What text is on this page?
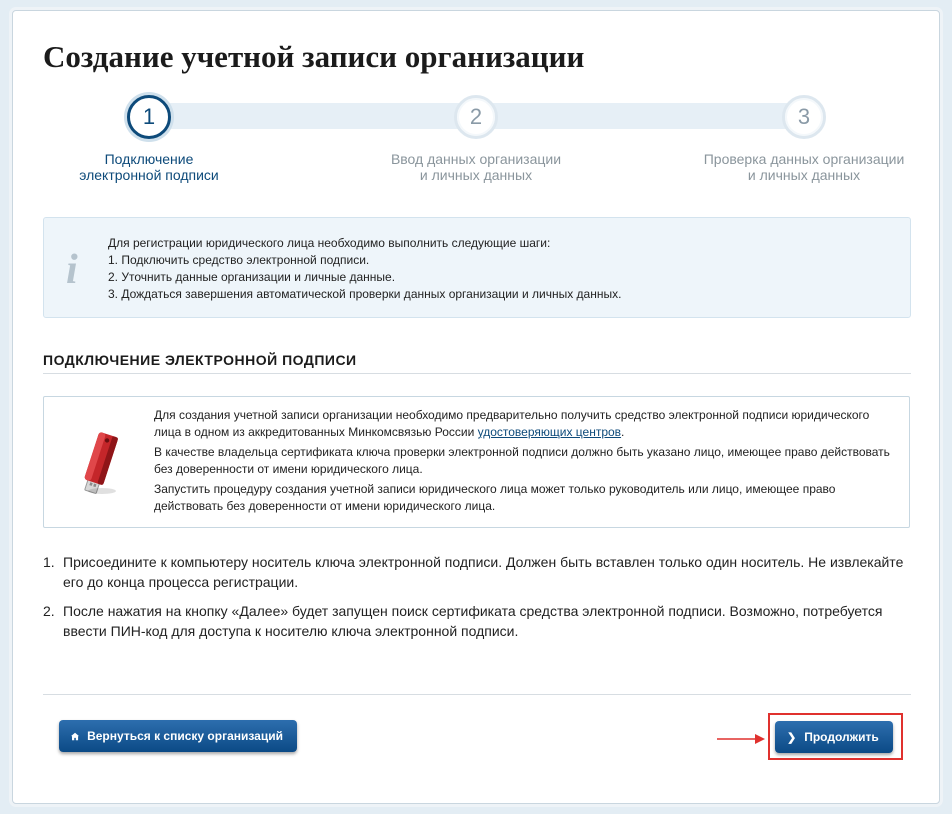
Создание учетной записи организации
1
Подключение
электронной подписи
2
Ввод данных организации
и личных данных
3
Проверка данных организации
и личных данных
i
Для регистрации юридического лица необходимо выполнить следующие шаги:
1. Подключить средство электронной подписи.
2. Уточнить данные организации и личные данные.
3. Дождаться завершения автоматической проверки данных организации и личных данных.
ПОДКЛЮЧЕНИЕ ЭЛЕКТРОННОЙ ПОДПИСИ

Для создания учетной записи организации необходимо предварительно получить средство электронной подписи юридического лица в одном из аккредитованных Минкомсвязью России удостоверяющих центров.

В качестве владельца сертификата ключа проверки электронной подписи должно быть указано лицо, имеющее право действовать без доверенности от имени юридического лица.

Запустить процедуру создания учетной записи юридического лица может только руководитель или лицо, имеющее право действовать без доверенности от имени юридического лица.

1. Присоедините к компьютеру носитель ключа электронной подписи. Должен быть вставлен только один носитель. Не извлекайте его до конца процесса регистрации.
2. После нажатия на кнопку «Далее» будет запущен поиск сертификата средства электронной подписи. Возможно, потребуется ввести ПИН-код для доступа к носителю ключа электронной подписи.
Вернуться к списку организаций	❯ Продолжить
